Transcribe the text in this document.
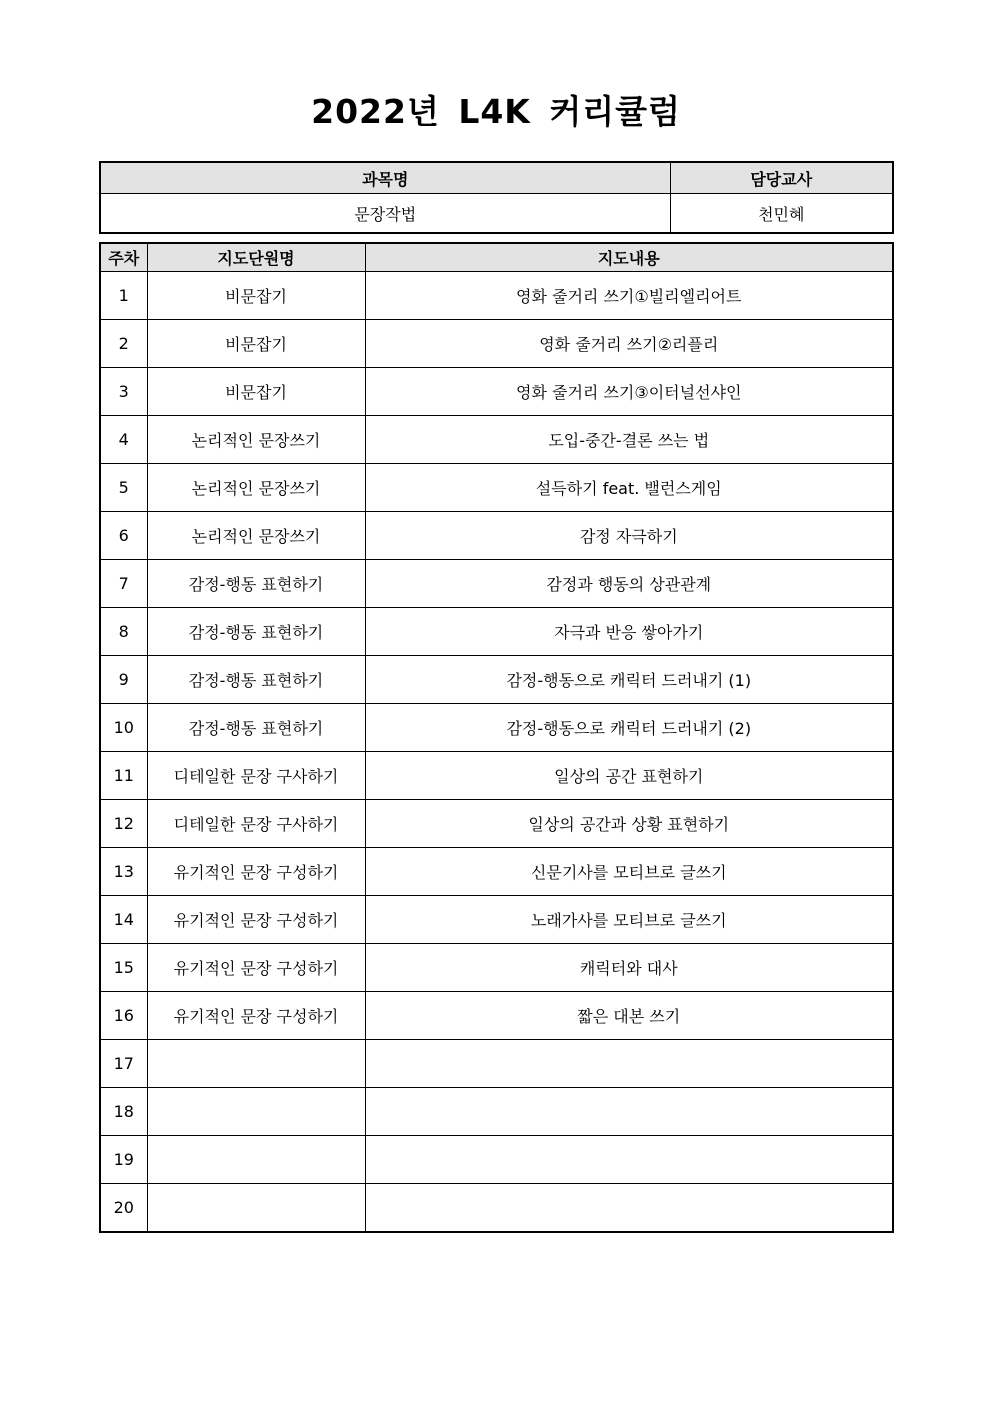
2022년 L4K 커리큘럼
과목명	담당교사
문장작법	천민혜
주차	지도단원명	지도내용
1	비문잡기	영화 줄거리 쓰기①빌리엘리어트
2	비문잡기	영화 줄거리 쓰기②리플리
3	비문잡기	영화 줄거리 쓰기③이터널선샤인
4	논리적인 문장쓰기	도입-중간-결론 쓰는 법
5	논리적인 문장쓰기	설득하기 feat. 밸런스게임
6	논리적인 문장쓰기	감정 자극하기
7	감정-행동 표현하기	감정과 행동의 상관관계
8	감정-행동 표현하기	자극과 반응 쌓아가기
9	감정-행동 표현하기	감정-행동으로 캐릭터 드러내기 (1)
10	감정-행동 표현하기	감정-행동으로 캐릭터 드러내기 (2)
11	디테일한 문장 구사하기	일상의 공간 표현하기
12	디테일한 문장 구사하기	일상의 공간과 상황 표현하기
13	유기적인 문장 구성하기	신문기사를 모티브로 글쓰기
14	유기적인 문장 구성하기	노래가사를 모티브로 글쓰기
15	유기적인 문장 구성하기	캐릭터와 대사
16	유기적인 문장 구성하기	짧은 대본 쓰기
17		
18		
19		
20		
